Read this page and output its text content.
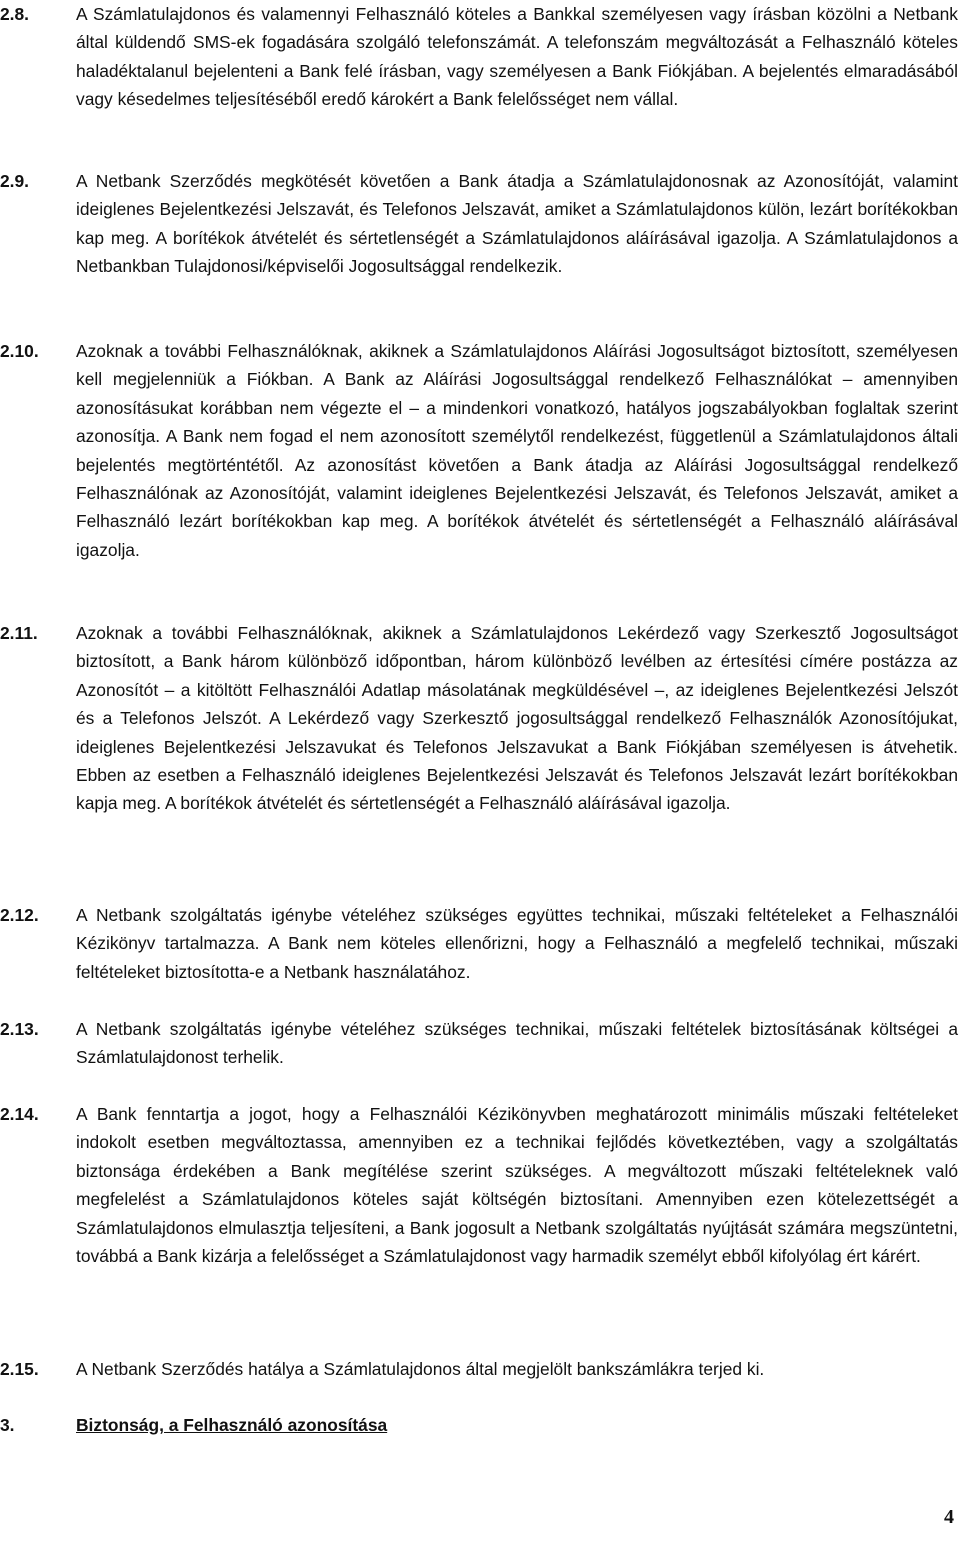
2.8.	A Számlatulajdonos és valamennyi Felhasználó köteles a Bankkal személyesen vagy írásban közölni a Netbank által küldendő SMS-ek fogadására szolgáló telefonszámát. A telefonszám megváltozását a Felhasználó köteles haladéktalanul bejelenteni a Bank felé írásban, vagy személyesen a Bank Fiókjában. A bejelentés elmaradásából vagy késedelmes teljesítéséből eredő károkért a Bank felelősséget nem vállal.
2.9.	A Netbank Szerződés megkötését követően a Bank átadja a Számlatulajdonosnak az Azonosítóját, valamint ideiglenes Bejelentkezési Jelszavát, és Telefonos Jelszavát, amiket a Számlatulajdonos külön, lezárt borítékokban kap meg. A borítékok átvételét és sértetlenségét a Számlatulajdonos aláírásával igazolja. A Számlatulajdonos a Netbankban Tulajdonosi/képviselői Jogosultsággal rendelkezik.
2.10.	Azoknak a további Felhasználóknak, akiknek a Számlatulajdonos Aláírási Jogosultságot biztosított, személyesen kell megjelenniük a Fiókban. A Bank az Aláírási Jogosultsággal rendelkező Felhasználókat – amennyiben azonosításukat korábban nem végezte el – a mindenkori vonatkozó, hatályos jogszabályokban foglaltak szerint azonosítja. A Bank nem fogad el nem azonosított személytől rendelkezést, függetlenül a Számlatulajdonos általi bejelentés megtörténtétől. Az azonosítást követően a Bank átadja az Aláírási Jogosultsággal rendelkező Felhasználónak az Azonosítóját, valamint ideiglenes Bejelentkezési Jelszavát, és Telefonos Jelszavát, amiket a Felhasználó lezárt borítékokban kap meg. A borítékok átvételét és sértetlenségét a Felhasználó aláírásával igazolja.
2.11.	Azoknak a további Felhasználóknak, akiknek a Számlatulajdonos Lekérdező vagy Szerkesztő Jogosultságot biztosított, a Bank három különböző időpontban, három különböző levélben az értesítési címére postázza az Azonosítót – a kitöltött Felhasználói Adatlap másolatának megküldésével –, az ideiglenes Bejelentkezési Jelszót és a Telefonos Jelszót. A Lekérdező vagy Szerkesztő jogosultsággal rendelkező Felhasználók Azonosítójukat, ideiglenes Bejelentkezési Jelszavukat és Telefonos Jelszavukat a Bank Fiókjában személyesen is átvehetik. Ebben az esetben a Felhasználó ideiglenes Bejelentkezési Jelszavát és Telefonos Jelszavát lezárt borítékokban kapja meg. A borítékok átvételét és sértetlenségét a Felhasználó aláírásával igazolja.
2.12.	A Netbank szolgáltatás igénybe vételéhez szükséges együttes technikai, műszaki feltételeket a Felhasználói Kézikönyv tartalmazza. A Bank nem köteles ellenőrizni, hogy a Felhasználó a megfelelő technikai, műszaki feltételeket biztosította-e a Netbank használatához.
2.13.	A Netbank szolgáltatás igénybe vételéhez szükséges technikai, műszaki feltételek biztosításának költségei a Számlatulajdonost terhelik.
2.14.	A Bank fenntartja a jogot, hogy a Felhasználói Kézikönyvben meghatározott minimális műszaki feltételeket indokolt esetben megváltoztassa, amennyiben ez a technikai fejlődés következtében, vagy a szolgáltatás biztonsága érdekében a Bank megítélése szerint szükséges. A megváltozott műszaki feltételeknek való megfelelést a Számlatulajdonos köteles saját költségén biztosítani. Amennyiben ezen kötelezettségét a Számlatulajdonos elmulasztja teljesíteni, a Bank jogosult a Netbank szolgáltatás nyújtását számára megszüntetni, továbbá a Bank kizárja a felelősséget a Számlatulajdonost vagy harmadik személyt ebből kifolyólag ért kárért.
2.15.	A Netbank Szerződés hatálya a Számlatulajdonos által megjelölt bankszámlákra terjed ki.
3.	Biztonság, a Felhasználó azonosítása
4
